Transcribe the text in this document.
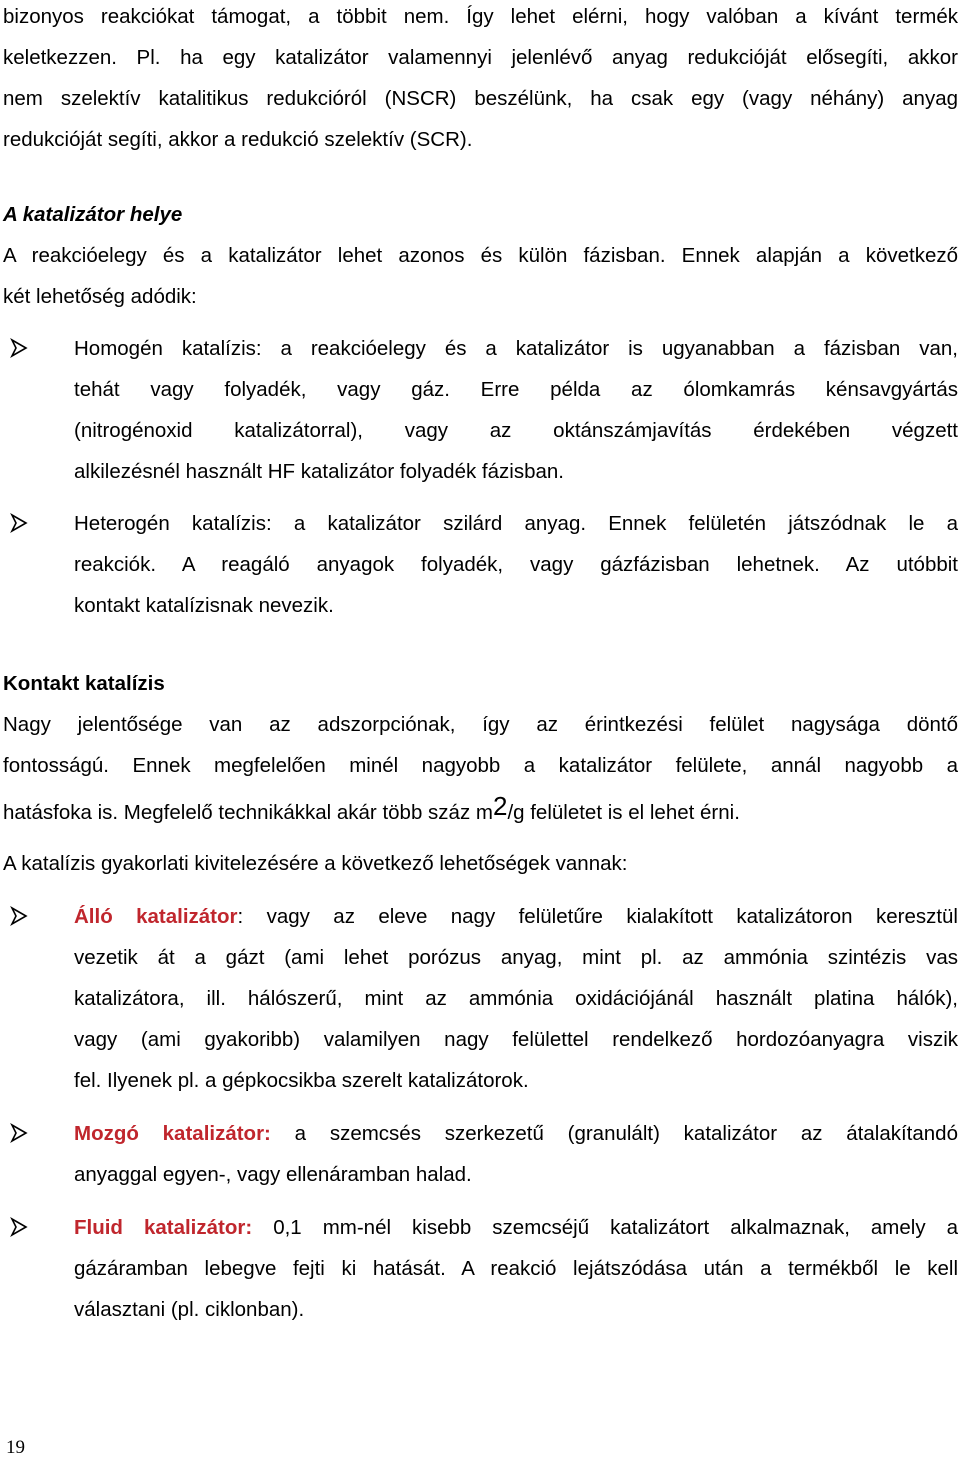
bizonyos reakciókat támogat, a többit nem. Így lehet elérni, hogy valóban a kívánt termék

keletkezzen. Pl. ha egy katalizátor valamennyi jelenlévő anyag redukcióját elősegíti, akkor

nem szelektív katalitikus redukcióról (NSCR) beszélünk, ha csak egy (vagy néhány) anyag

redukcióját segíti, akkor a redukció szelektív (SCR).

A katalizátor helye

A reakcióelegy és a katalizátor lehet azonos és külön fázisban. Ennek alapján a következő

két lehetőség adódik:

Homogén katalízis: a reakcióelegy és a katalizátor is ugyanabban a fázisban van,

tehát vagy folyadék, vagy gáz. Erre példa az ólomkamrás kénsavgyártás

(nitrogénoxid katalizátorral), vagy az oktánszámjavítás érdekében végzett

alkilezésnél használt HF katalizátor folyadék fázisban.

Heterogén katalízis: a katalizátor szilárd anyag. Ennek felületén játszódnak le a

reakciók. A reagáló anyagok folyadék, vagy gázfázisban lehetnek. Az utóbbit

kontakt katalízisnak nevezik.

Kontakt katalízis

Nagy jelentősége van az adszorpciónak, így az érintkezési felület nagysága döntő

fontosságú. Ennek megfelelően minél nagyobb a katalizátor felülete, annál nagyobb a

hatásfoka is. Megfelelő technikákkal akár több száz m2/g felületet is el lehet érni.

A katalízis gyakorlati kivitelezésére a következő lehetőségek vannak:

Álló katalizátor: vagy az eleve nagy felületűre kialakított katalizátoron keresztül

vezetik át a gázt (ami lehet porózus anyag, mint pl. az ammónia szintézis vas

katalizátora, ill. hálószerű, mint az ammónia oxidációjánál használt platina hálók),

vagy (ami gyakoribb) valamilyen nagy felülettel rendelkező hordozóanyagra viszik

fel. Ilyenek pl. a gépkocsikba szerelt katalizátorok.

Mozgó katalizátor: a szemcsés szerkezetű (granulált) katalizátor az átalakítandó

anyaggal egyen-, vagy ellenáramban halad.

Fluid katalizátor: 0,1 mm-nél kisebb szemcséjű katalizátort alkalmaznak, amely a

gázáramban lebegve fejti ki hatását. A reakció lejátszódása után a termékből le kell

választani (pl. ciklonban).

19
